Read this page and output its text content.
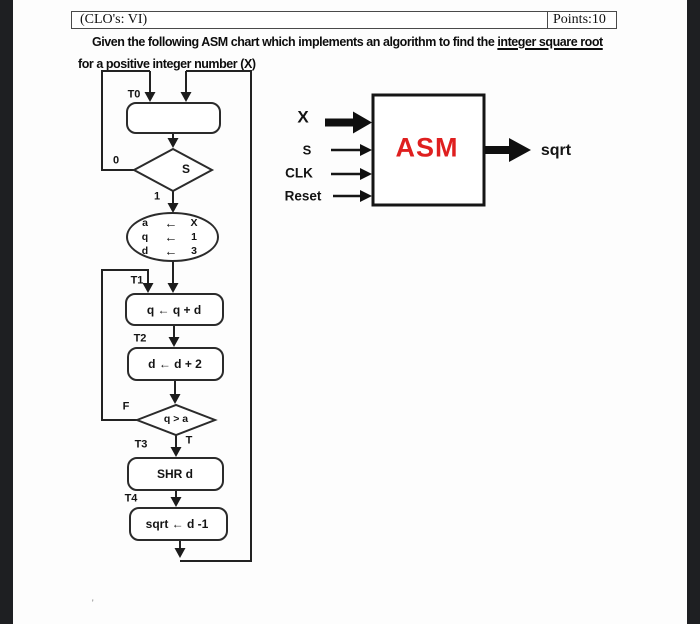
(CLO's: VI)	Points:10
Given the following ASM chart which implements an algorithm to find the integer square root
for a positive integer number (X)
T0
0
S
1
a ← X
q ← 1
d ← 3
T1
q ← q + d
T2
d ← d + 2
F
q > a
T
T3
SHR d
T4
sqrt ← d -1
X
S
CLK
Reset
ASM	sqrt
'
